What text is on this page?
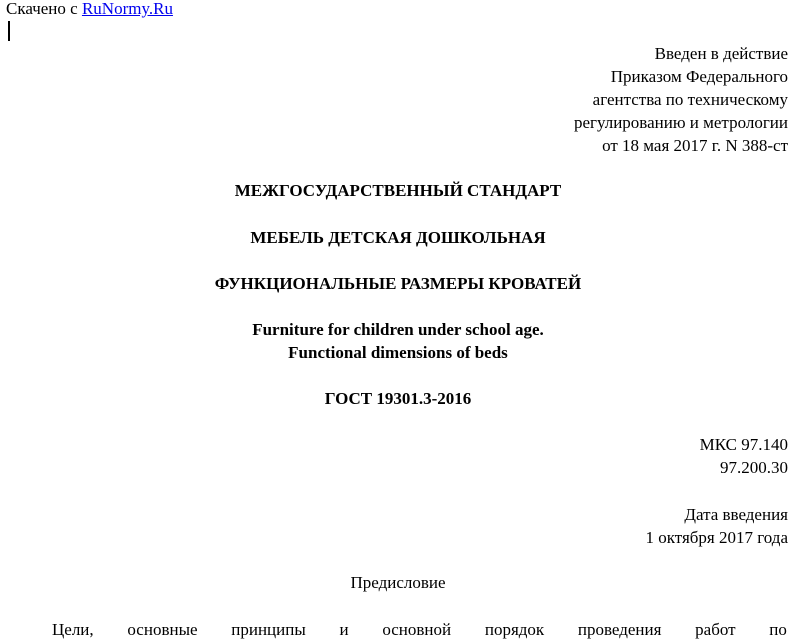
Скачено с RuNormy.Ru
Введен в действие
Приказом Федерального
агентства по техническому
регулированию и метрологии
от 18 мая 2017 г. N 388-ст
МЕЖГОСУДАРСТВЕННЫЙ СТАНДАРТ
МЕБЕЛЬ ДЕТСКАЯ ДОШКОЛЬНАЯ
ФУНКЦИОНАЛЬНЫЕ РАЗМЕРЫ КРОВАТЕЙ
Furniture for children under school age.
Functional dimensions of beds
ГОСТ 19301.3-2016
МКС 97.140
97.200.30
Дата введения
1 октября 2017 года
Предисловие
Цели, основные принципы и основной порядок проведения работ по
